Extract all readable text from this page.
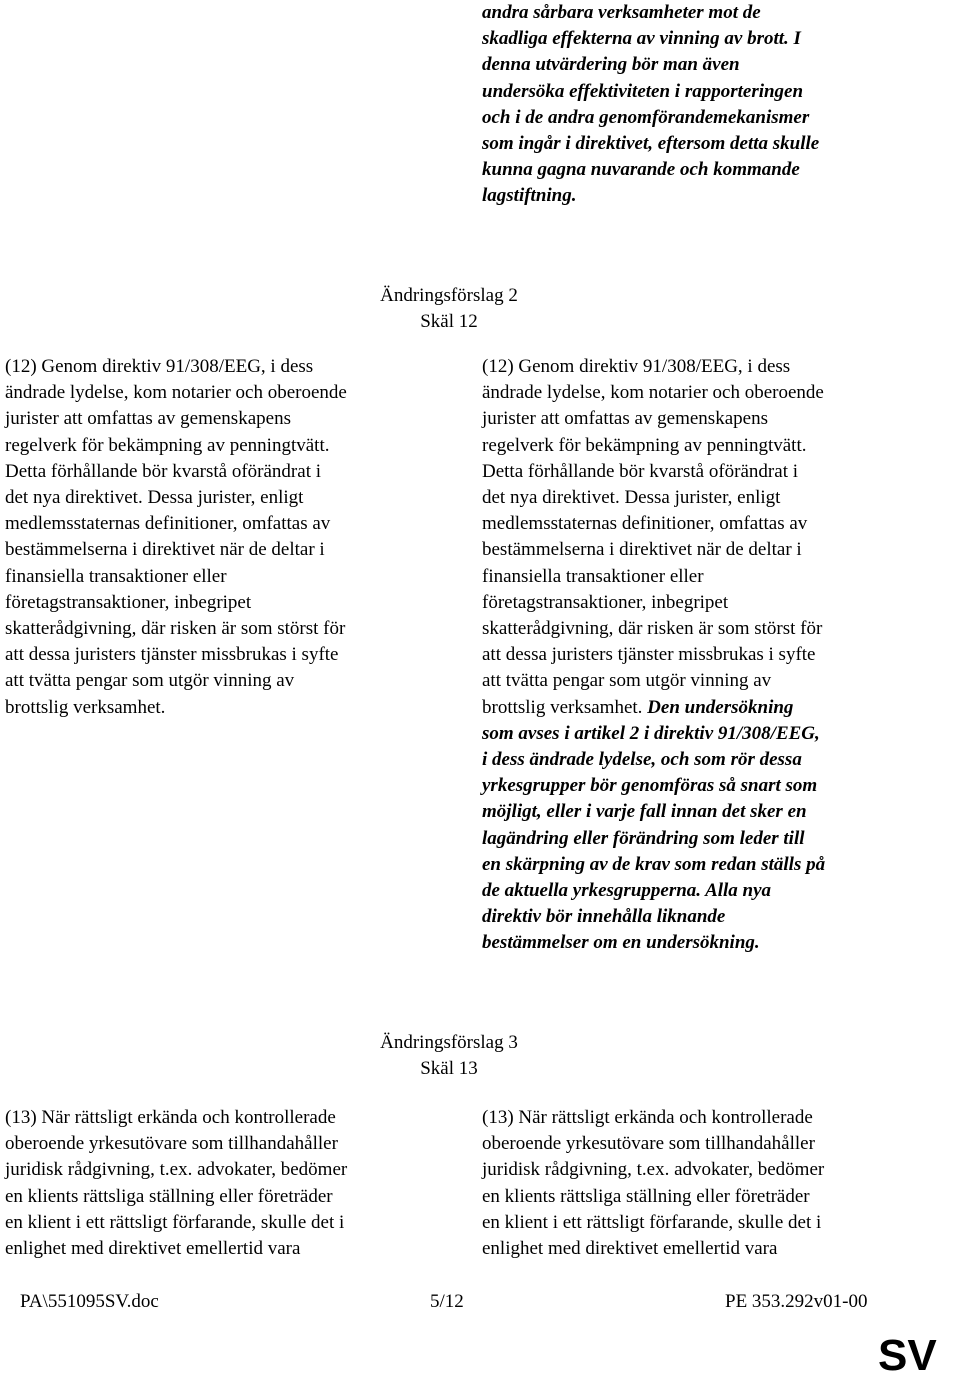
andra sårbara verksamheter mot de
skadliga effekterna av vinning av brott. I
denna utvärdering bör man även
undersöka effektiviteten i rapporteringen
och i de andra genomförandemekanismer
som ingår i direktivet, eftersom detta skulle
kunna gagna nuvarande och kommande
lagstiftning.

Ändringsförslag 2

Skäl 12

(12) Genom direktiv 91/308/EEG, i dess
ändrade lydelse, kom notarier och oberoende
jurister att omfattas av gemenskapens
regelverk för bekämpning av penningtvätt.
Detta förhållande bör kvarstå oförändrat i
det nya direktivet. Dessa jurister, enligt
medlemsstaternas definitioner, omfattas av
bestämmelserna i direktivet när de deltar i
finansiella transaktioner eller
företagstransaktioner, inbegripet
skatterådgivning, där risken är som störst för
att dessa juristers tjänster missbrukas i syfte
att tvätta pengar som utgör vinning av
brottslig verksamhet.

(12) Genom direktiv 91/308/EEG, i dess
ändrade lydelse, kom notarier och oberoende
jurister att omfattas av gemenskapens
regelverk för bekämpning av penningtvätt.
Detta förhållande bör kvarstå oförändrat i
det nya direktivet. Dessa jurister, enligt
medlemsstaternas definitioner, omfattas av
bestämmelserna i direktivet när de deltar i
finansiella transaktioner eller
företagstransaktioner, inbegripet
skatterådgivning, där risken är som störst för
att dessa juristers tjänster missbrukas i syfte
att tvätta pengar som utgör vinning av
brottslig verksamhet. Den undersökning
som avses i artikel 2 i direktiv 91/308/EEG,
i dess ändrade lydelse, och som rör dessa
yrkesgrupper bör genomföras så snart som
möjligt, eller i varje fall innan det sker en
lagändring eller förändring som leder till
en skärpning av de krav som redan ställs på
de aktuella yrkesgrupperna. Alla nya
direktiv bör innehålla liknande
bestämmelser om en undersökning.

Ändringsförslag 3

Skäl 13

(13) När rättsligt erkända och kontrollerade
oberoende yrkesutövare som tillhandahåller
juridisk rådgivning, t.ex. advokater, bedömer
en klients rättsliga ställning eller företräder
en klient i ett rättsligt förfarande, skulle det i
enlighet med direktivet emellertid vara

(13) När rättsligt erkända och kontrollerade
oberoende yrkesutövare som tillhandahåller
juridisk rådgivning, t.ex. advokater, bedömer
en klients rättsliga ställning eller företräder
en klient i ett rättsligt förfarande, skulle det i
enlighet med direktivet emellertid vara

PA\551095SV.doc	5/12	PE 353.292v01-00

SV
